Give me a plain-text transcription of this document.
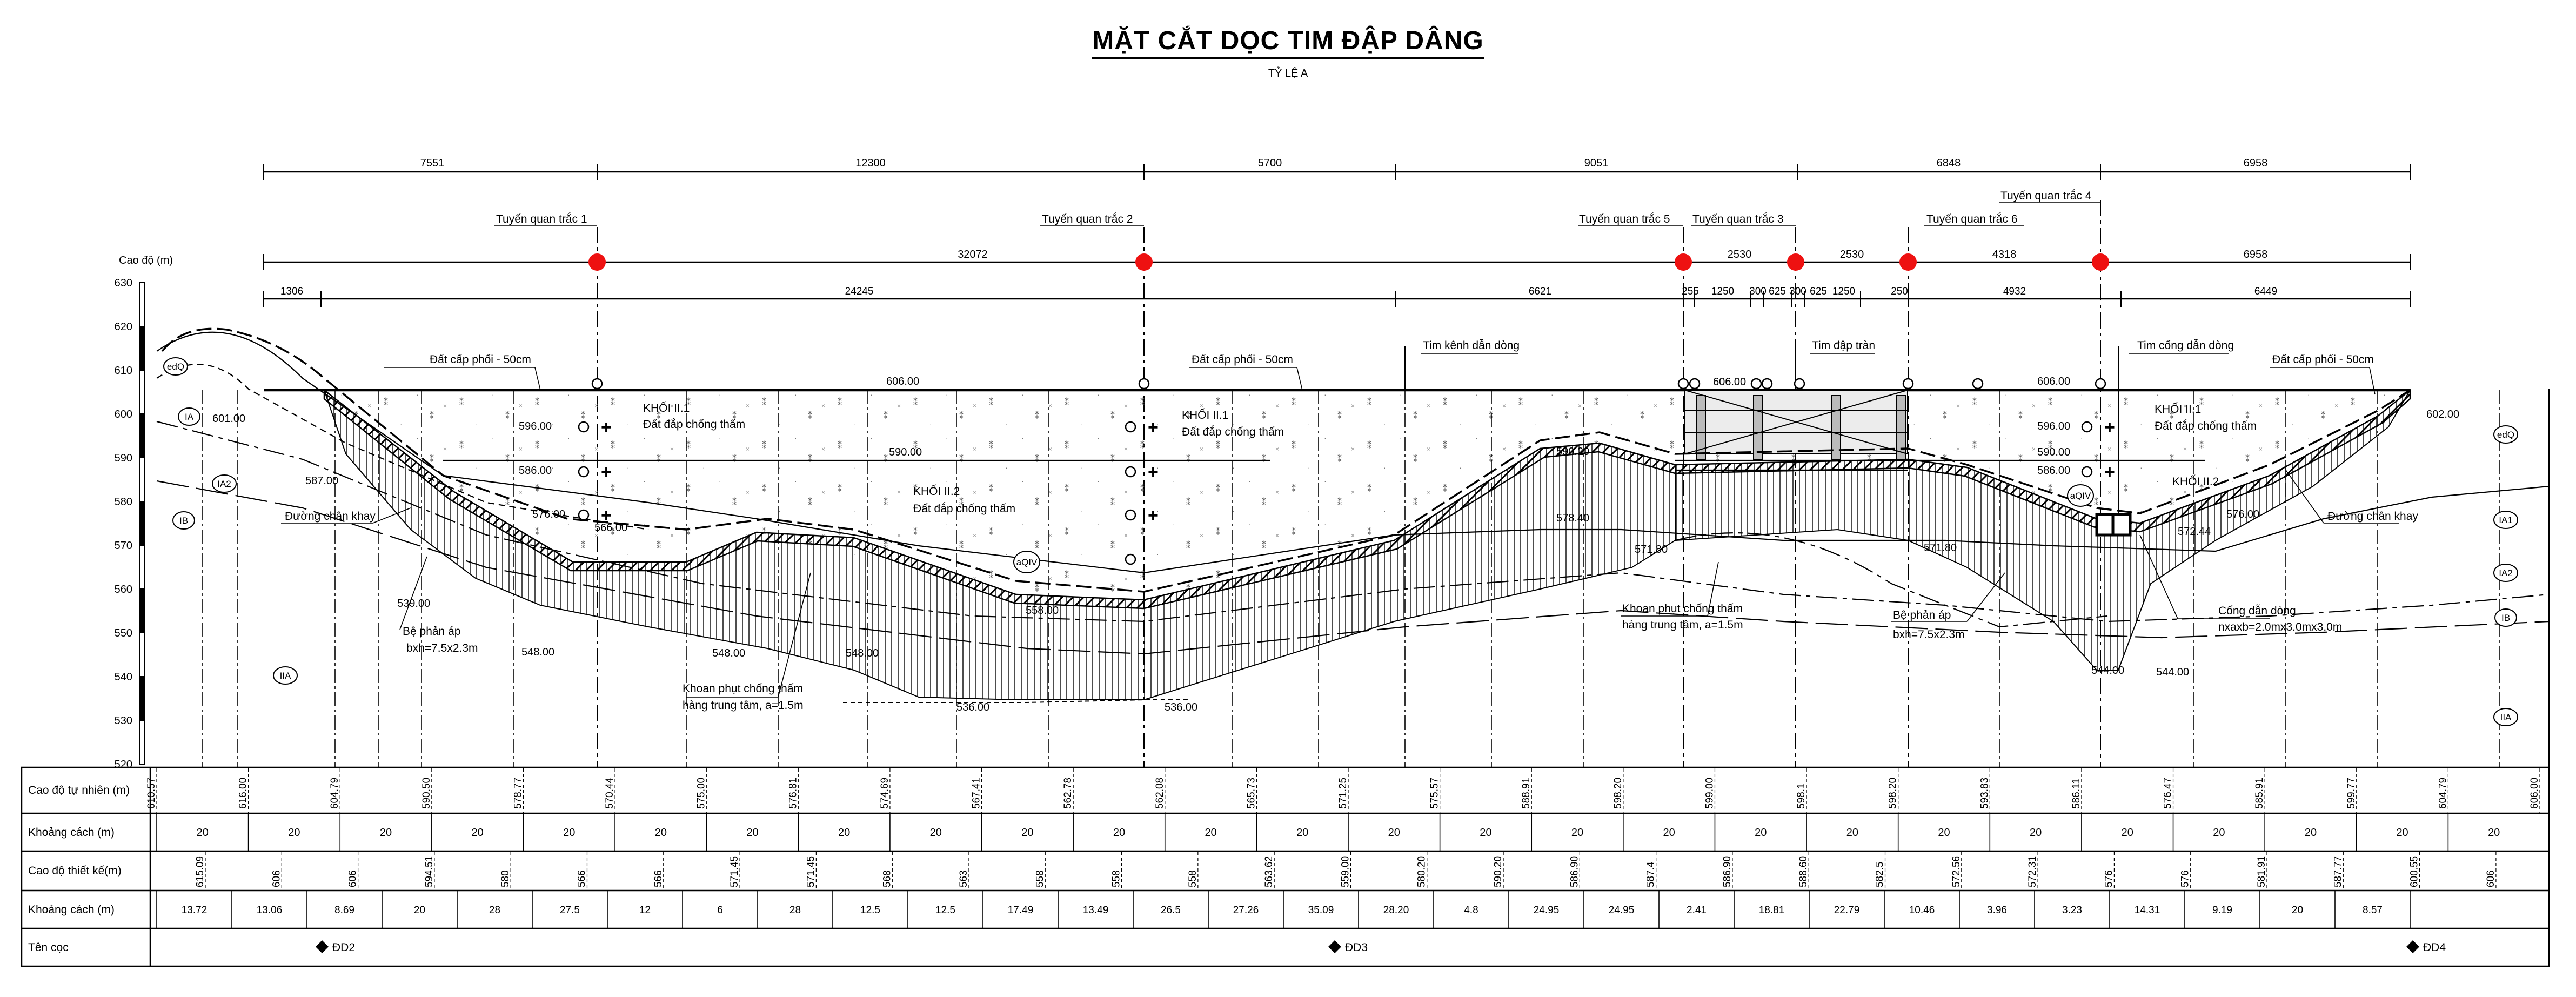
MẶT CẮT DỌC TIM ĐẬP DÂNG
TỶ LỆ A
7551	12300	5700	9051	6848	6958
32072	2530	2530	4318	6958
1306	24245	6621	255 1250 300 625 300 625 1250	250	4932	6449
Tuyến quan trắc 1	Tuyến quan trắc 2	Tuyến quan trắc 5 Tuyến quan trắc 3	Tuyến quan trắc 6
Tuyến quan trắc 4
Cao độ (m)
630
620
610
600
590
580
570
560
550
540
530
520
+
+
+
+
+
+
+
+
edQ
IA
IA2
IB
IIA
aQIV
aQIV
edQ
IA1
IA2
IB
IIA
Đất cấp phối - 50cm	Đất cấp phối - 50cm
Tim kênh dẫn dòng	Tim đập tràn	Tim cống dẫn dòng
Đất cấp phối - 50cm
KHỐI II.1
Đất đắp chống thấm
KHỐI II.1
Đất đắp chống thấm
KHỐI II.2
Đất đắp chống thấm
KHỐI II.1
Đất đắp chống thấm
KHỐI II.2
Đường chân khay	Đường chân khay
Bệ phản áp
bxh=7.5x2.3m
Bệ phản áp
bxh=7.5x2.3m
Khoan phụt chống thấm
hàng trung tâm, a=1.5m
Khoan phụt chống thấm
hàng trung tâm, a=1.5m
Cống dẫn dòng
nxaxb=2.0mx3.0mx3.0m
601.00
587.00
539.00
548.00
566.00
576.00
596.00
586.00
606.00
590.00
548.00	548.00
536.00
558.00
536.00
590.20
578.40
571.80
606.00
571.80
596.00
590.00
586.00
606.00
572.44
576.00
544.00	544.00
602.00
Cao độ tự nhiên (m)
Khoảng cách (m)
Cao độ thiết kế(m)
Khoảng cách (m)
Tên cọc
610.57	616.00	604.79	590.50	578.77	570.44	575.00	576.81	574.69	567.41	562.78	562.08	565.73	571.25	575.57	588.91	598.20	599.00	598.1	598.20	593.83	586.11	576.47	585.91	599.77	604.79	606.00
20	20	20	20	20	20	20	20	20	20	20	20	20	20	20	20	20	20	20	20	20	20	20	20	20	20
615.09	606	606	594.51	580	566	566	571.45	571.45	568	563	558	558	558	563.62	559.00	580.20	590.20	586.90	587.4	586.90	588.60	582.5	572.56	572.31	576	576	581.91	587.77	600.55	606
13.72	13.06	8.69	20	28	27.5	12	6	28	12.5	12.5	17.49	13.49	26.5	27.26	35.09	28.20	4.8	24.95	24.95	2.41	18.81	22.79	10.46	3.96	3.23	14.31	9.19	20	8.57
ĐD2	ĐD3	ĐD4
